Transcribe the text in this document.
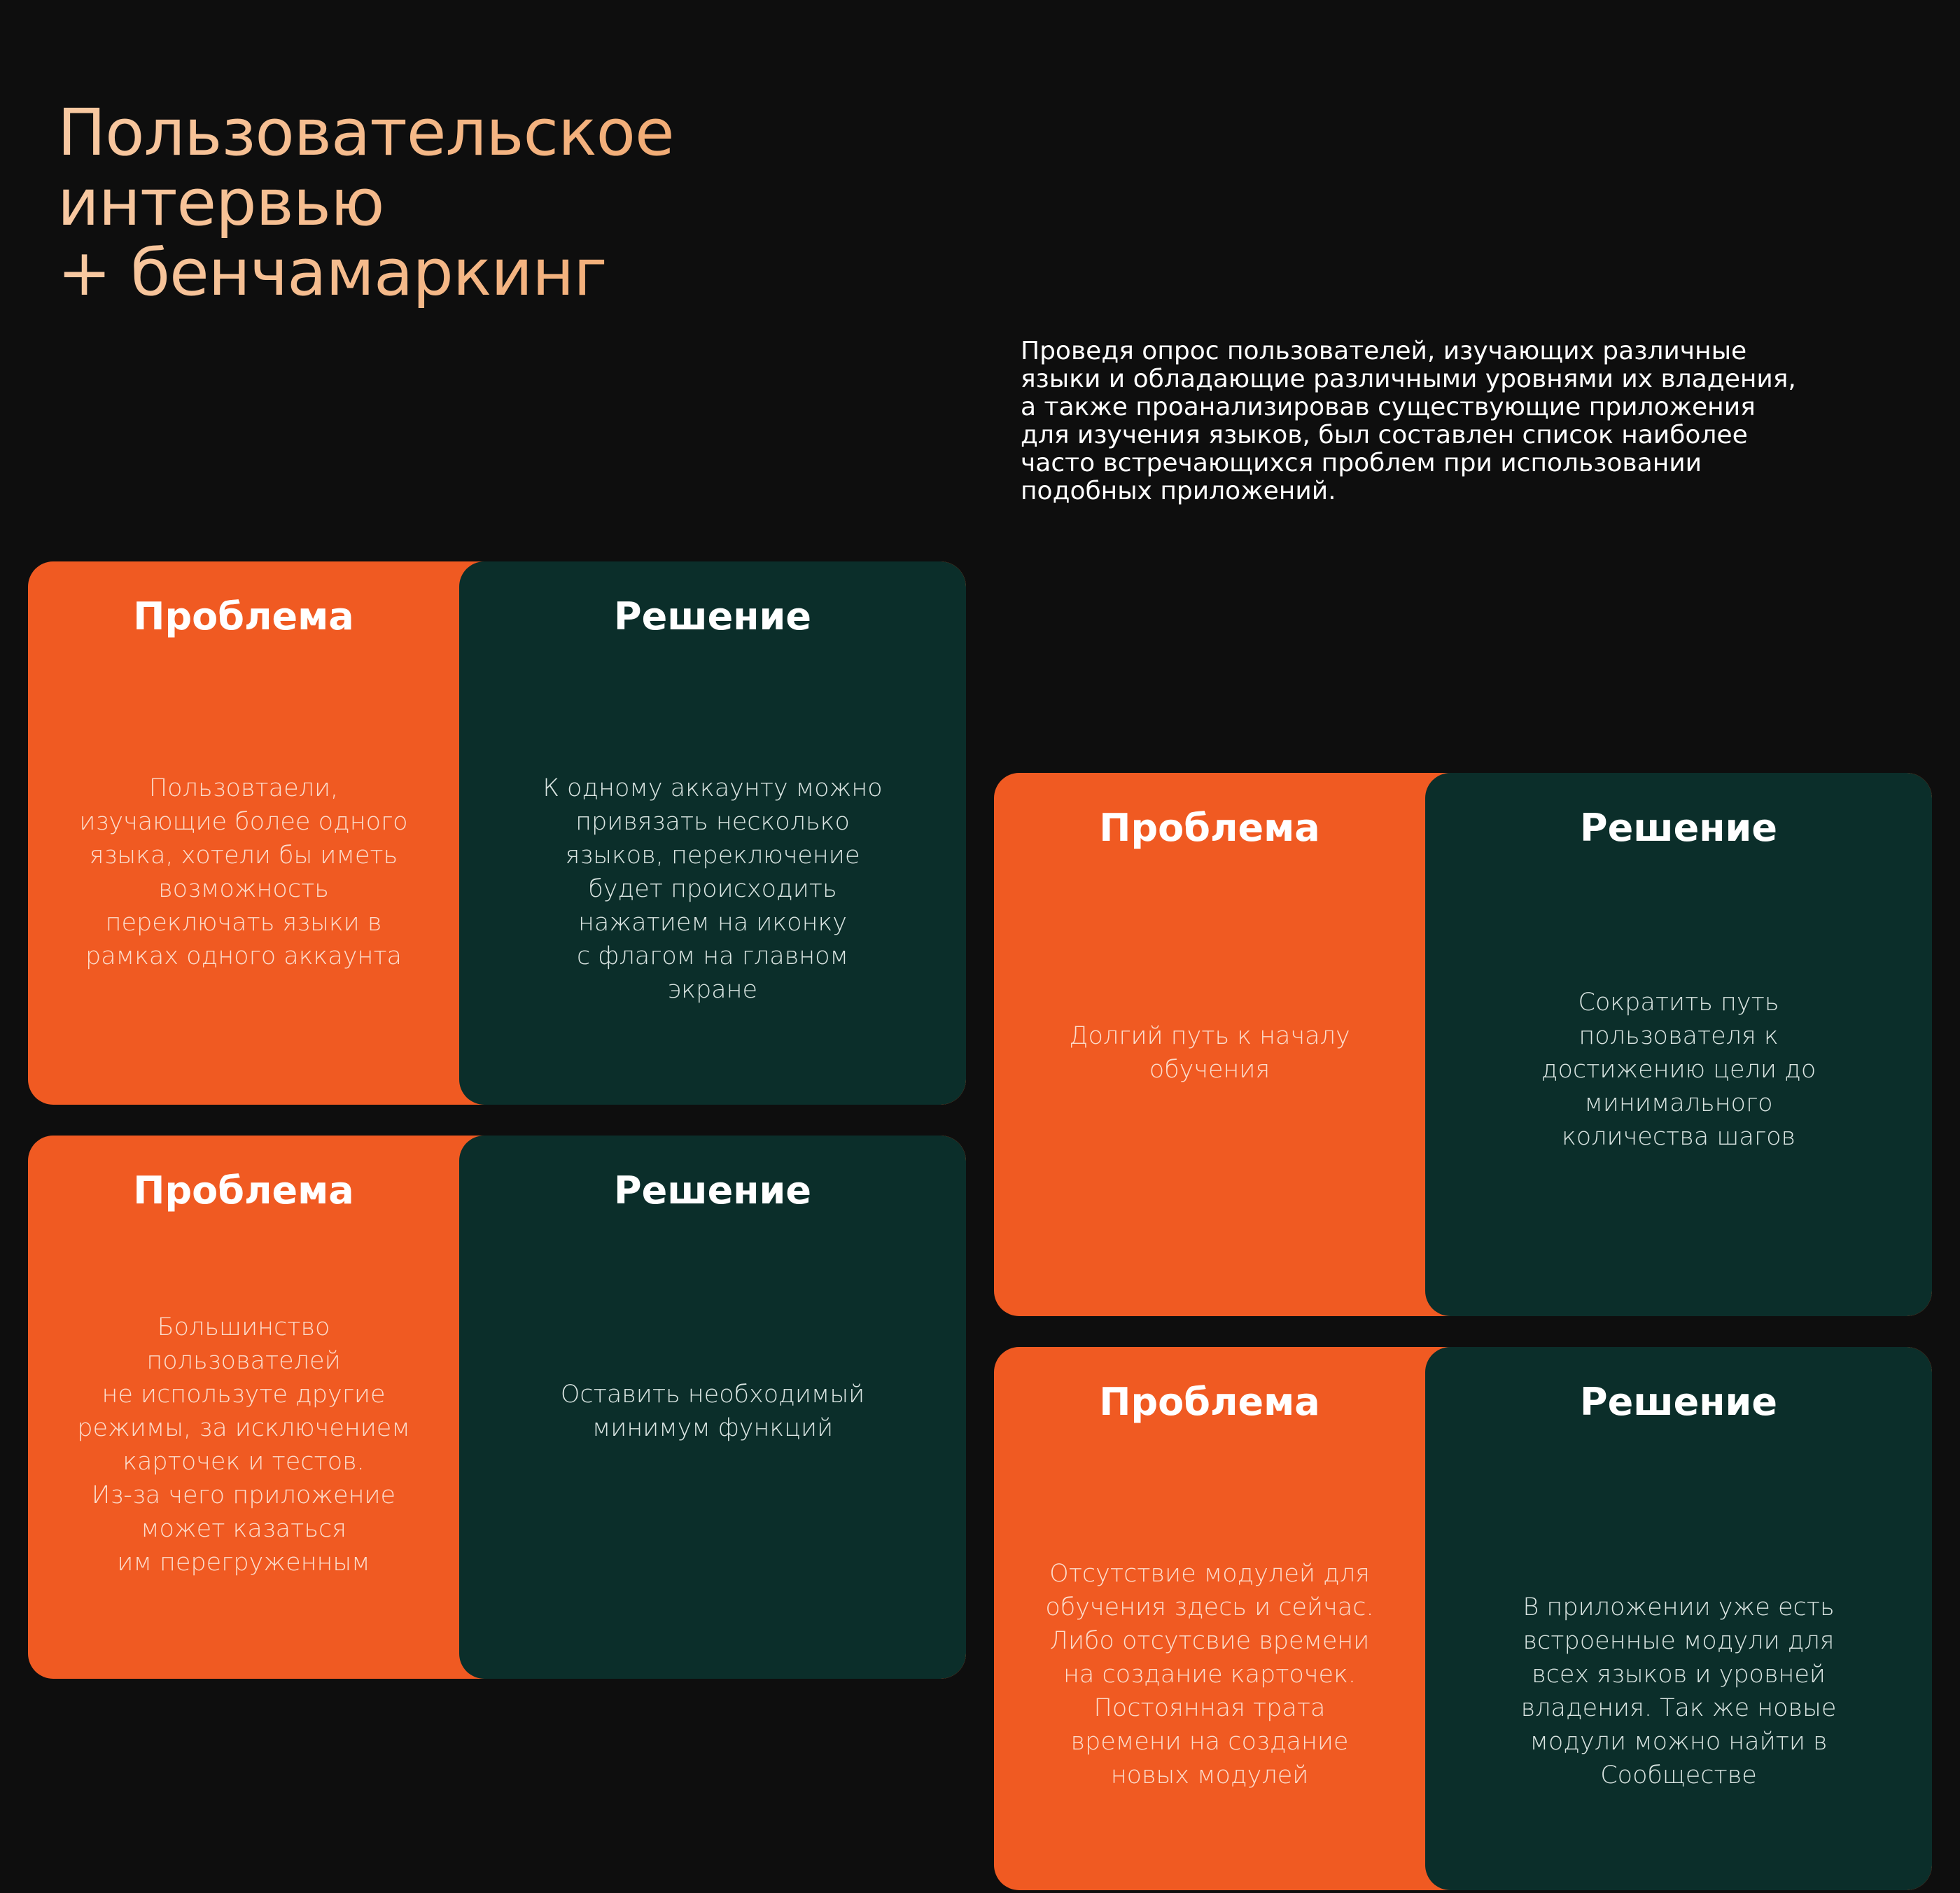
Пользовательское
интервью
+ бенчамаркинг

Проведя опрос пользователей, изучающих различные
языки и обладающие различными уровнями их владения,
а также проанализировав существующие приложения
для изучения языков, был составлен список наиболее
часто встречающихся проблем при использовании
подобных приложений.

Проблема

Пользовтаели,
изучающие более одного
языка, хотели бы иметь
возможность
переключать языки в
рамках одного аккаунта

Решение

К одному аккаунту можно
привязать несколько
языков, переключение
будет происходить
нажатием на иконку
с флагом на главном
экране

Проблема

Большинство
пользователей
не используте другие
режимы, за исключением
карточек и тестов.
Из-за чего приложение
может казаться
им перегруженным

Решение

Оставить необходимый
минимум функций

Проблема

Долгий путь к началу
обучения

Решение

Сократить путь
пользователя к
достижению цели до
минимального
количества шагов

Проблема

Отсутствие модулей для
обучения здесь и сейчас.
Либо отсутсвие времени
на создание карточек.
Постоянная трата
времени на создание
новых модулей

Решение

В приложении уже есть
встроенные модули для
всех языков и уровней
владения. Так же новые
модули можно найти в
Сообществе
